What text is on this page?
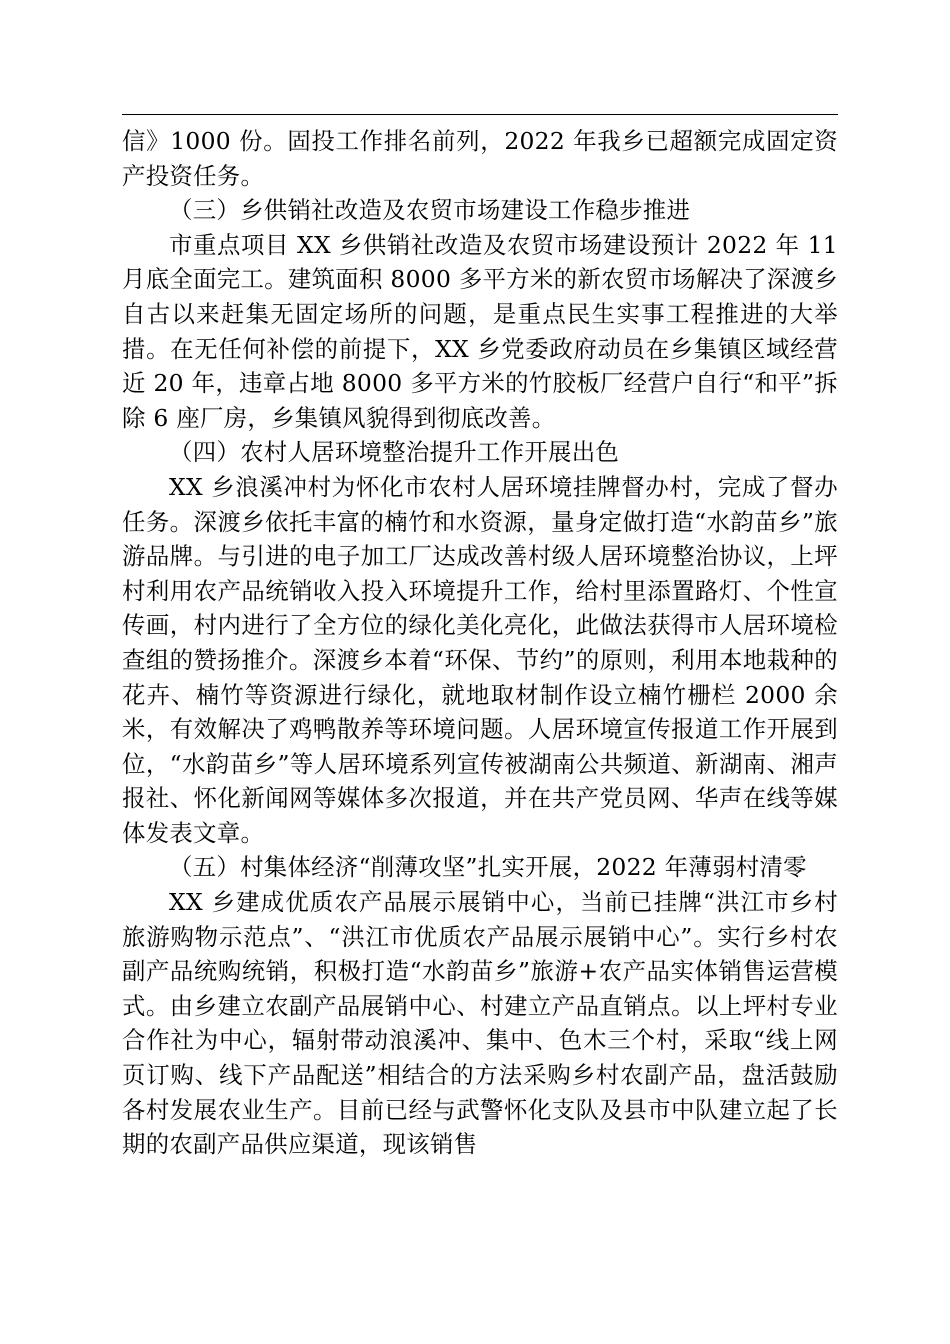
信》1000 份。固投工作排名前列，2022 年我乡已超额完成固定资产投资任务。

（三）乡供销社改造及农贸市场建设工作稳步推进

市重点项目 XX 乡供销社改造及农贸市场建设预计 2022 年 11 月底全面完工。建筑面积 8000 多平方米的新农贸市场解决了深渡乡自古以来赶集无固定场所的问题，是重点民生实事工程推进的大举措。在无任何补偿的前提下，XX 乡党委政府动员在乡集镇区域经营近 20 年，违章占地 8000 多平方米的竹胶板厂经营户自行“和平”拆除 6 座厂房，乡集镇风貌得到彻底改善。

（四）农村人居环境整治提升工作开展出色

XX 乡浪溪冲村为怀化市农村人居环境挂牌督办村，完成了督办任务。深渡乡依托丰富的楠竹和水资源，量身定做打造“水韵苗乡”旅游品牌。与引进的电子加工厂达成改善村级人居环境整治协议，上坪村利用农产品统销收入投入环境提升工作，给村里添置路灯、个性宣传画，村内进行了全方位的绿化美化亮化，此做法获得市人居环境检查组的赞扬推介。深渡乡本着“环保、节约”的原则，利用本地栽种的花卉、楠竹等资源进行绿化，就地取材制作设立楠竹栅栏 2000 余米，有效解决了鸡鸭散养等环境问题。人居环境宣传报道工作开展到位，“水韵苗乡”等人居环境系列宣传被湖南公共频道、新湖南、湘声报社、怀化新闻网等媒体多次报道，并在共产党员网、华声在线等媒体发表文章。

（五）村集体经济“削薄攻坚”扎实开展，2022 年薄弱村清零

XX 乡建成优质农产品展示展销中心，当前已挂牌“洪江市乡村旅游购物示范点”、“洪江市优质农产品展示展销中心”。实行乡村农副产品统购统销，积极打造“水韵苗乡”旅游+农产品实体销售运营模式。由乡建立农副产品展销中心、村建立产品直销点。以上坪村专业合作社为中心，辐射带动浪溪冲、集中、色木三个村，采取“线上网页订购、线下产品配送”相结合的方法采购乡村农副产品，盘活鼓励各村发展农业生产。目前已经与武警怀化支队及县市中队建立起了长期的农副产品供应渠道，现该销售
